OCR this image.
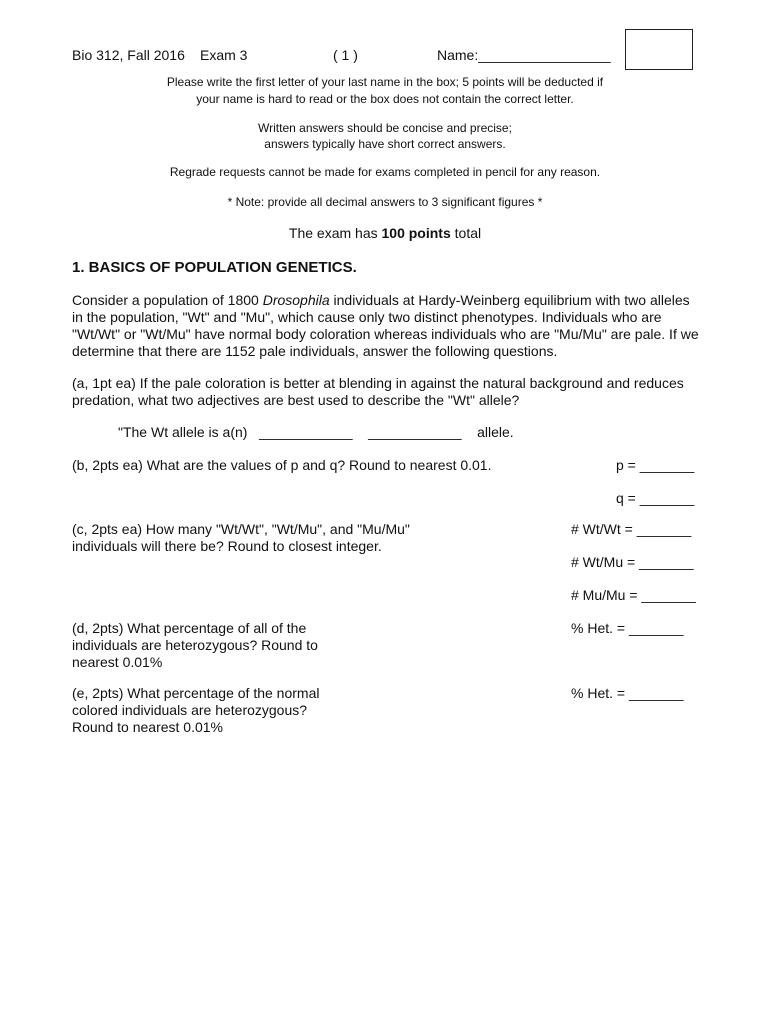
Bio 312, Fall 2016 Exam 3	( 1 )	Name:_________________
Please write the first letter of your last name in the box; 5 points will be deducted if
your name is hard to read or the box does not contain the correct letter.
Written answers should be concise and precise;
answers typically have short correct answers.
Regrade requests cannot be made for exams completed in pencil for any reason.
* Note: provide all decimal answers to 3 significant figures *
The exam has 100 points total
1. BASICS OF POPULATION GENETICS.
Consider a population of 1800 Drosophila individuals at Hardy-Weinberg equilibrium with two alleles in the population, "Wt" and "Mu", which cause only two distinct phenotypes. Individuals who are "Wt/Wt" or "Wt/Mu" have normal body coloration whereas individuals who are "Mu/Mu" are pale. If we determine that there are 1152 pale individuals, answer the following questions.
(a, 1pt ea) If the pale coloration is better at blending in against the natural background and reduces predation, what two adjectives are best used to describe the "Wt" allele?
"The Wt allele is a(n)   ____________    ____________    allele.
(b, 2pts ea) What are the values of p and q? Round to nearest 0.01.	p = _______
q = _______
(c, 2pts ea) How many "Wt/Wt", "Wt/Mu", and "Mu/Mu" individuals will there be? Round to closest integer.
# Wt/Wt = _______
# Wt/Mu = _______
# Mu/Mu = _______
(d, 2pts) What percentage of all of the individuals are heterozygous? Round to nearest 0.01%
% Het. = _______
(e, 2pts) What percentage of the normal colored individuals are heterozygous? Round to nearest 0.01%
% Het. = _______
